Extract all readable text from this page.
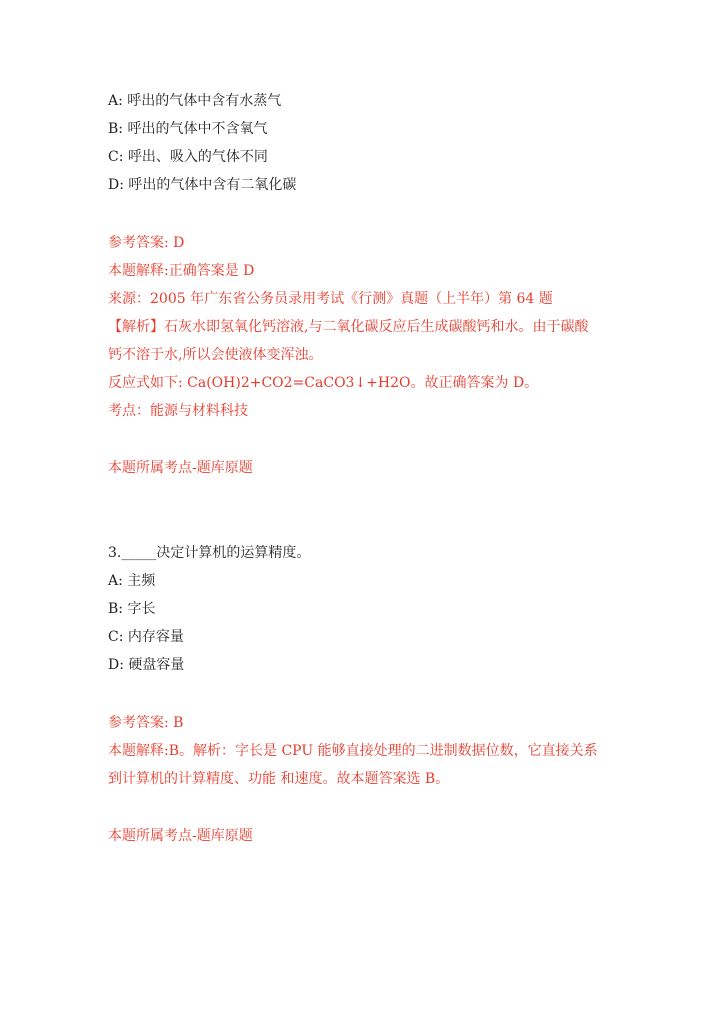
A: 呼出的气体中含有水蒸气
B: 呼出的气体中不含氧气
C: 呼出、吸入的气体不同
D: 呼出的气体中含有二氧化碳
参考答案: D
本题解释:正确答案是 D
来源：2005 年广东省公务员录用考试《行测》真题（上半年）第 64 题
【解析】石灰水即氢氧化钙溶液,与二氧化碳反应后生成碳酸钙和水。由于碳酸
钙不溶于水,所以会使液体变浑浊。
反应式如下: Ca(OH)2+CO2=CaCO3↓+H2O。故正确答案为 D。
考点：能源与材料科技
本题所属考点-题库原题
3._____决定计算机的运算精度。
A: 主频
B: 字长
C: 内存容量
D: 硬盘容量
参考答案: B
本题解释:B。解析：字长是 CPU 能够直接处理的二进制数据位数，它直接关系
到计算机的计算精度、功能 和速度。故本题答案选 B。
本题所属考点-题库原题
